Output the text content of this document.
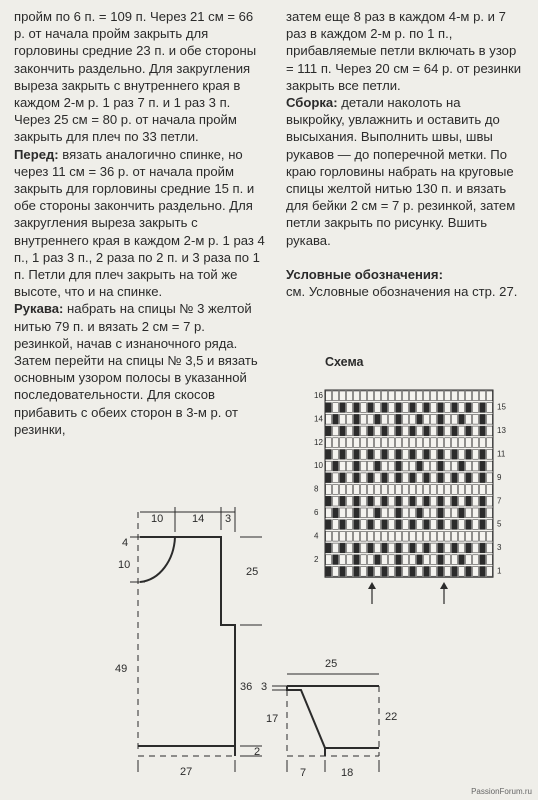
пройм по 6 п. = 109 п. Через 21 см = 66 р. от начала пройм закрыть для горловины средние 23 п. и обе стороны закончить раздельно. Для закругления выреза закрыть с внутреннего края в каждом 2-м р. 1 раз 7 п. и 1 раз 3 п. Через 25 см = 80 р. от начала пройм закрыть для плеч по 33 петли.

Перед: вязать аналогично спинке, но через 11 см = 36 р. от начала пройм закрыть для горловины средние 15 п. и обе стороны закончить раздельно. Для закругления выреза закрыть с внутреннего края в каждом 2-м р. 1 раз 4 п., 1 раз 3 п., 2 раза по 2 п. и 3 раза по 1 п. Петли для плеч закрыть на той же высоте, что и на спинке.

Рукава: набрать на спицы № 3 желтой нитью 79 п. и вязать 2 см = 7 р. резинкой, начав с изнаночного ряда. Затем перейти на спицы № 3,5 и вязать основным узором полосы в указанной последовательности. Для скосов прибавить с обеих сторон в 3-м р. от резинки,

затем еще 8 раз в каждом 4-м р. и 7 раз в каждом 2-м р. по 1 п., прибавляемые петли включать в узор = 111 п. Через 20 см = 64 р. от резинки закрыть все петли.

Сборка: детали наколоть на выкройку, увлажнить и оставить до высыхания. Выполнить швы, швы рукавов — до поперечной метки. По краю горловины набрать на круговые спицы желтой нитью 130 п. и вязать для бейки 2 см = 7 р. резинкой, затем петли закрыть по рисунку. Вшить рукава.

Условные обозначения:
см. Условные обозначения на стр. 27.

Схема
16
14
12
10
8
6
4
2
15
13
11
9
7
5
3
1
10	14 3
4
10
49
25
27
2
25
36 3
17	22
7	18
PassionForum.ru
